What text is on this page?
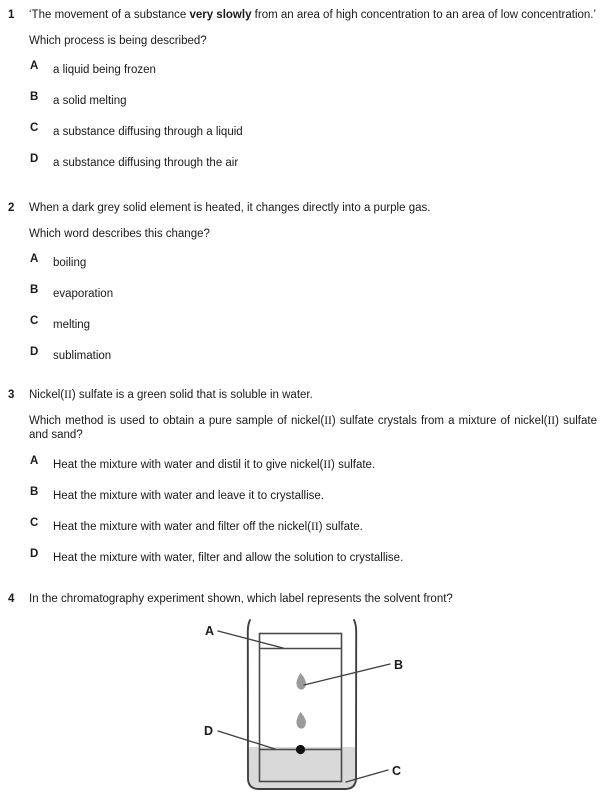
1 ‘The movement of a substance very slowly from an area of high concentration to an area of low concentration.’
Which process is being described?
A a liquid being frozen
B a solid melting
C a substance diffusing through a liquid
D a substance diffusing through the air
2 When a dark grey solid element is heated, it changes directly into a purple gas.
Which word describes this change?
A boiling
B evaporation
C melting
D sublimation
3 Nickel(II) sulfate is a green solid that is soluble in water.
Which method is used to obtain a pure sample of nickel(II) sulfate crystals from a mixture of nickel(II) sulfate and sand?
A Heat the mixture with water and distil it to give nickel(II) sulfate.
B Heat the mixture with water and leave it to crystallise.
C Heat the mixture with water and filter off the nickel(II) sulfate.
D Heat the mixture with water, filter and allow the solution to crystallise.
4 In the chromatography experiment shown, which label represents the solvent front?
A
B
C
D
